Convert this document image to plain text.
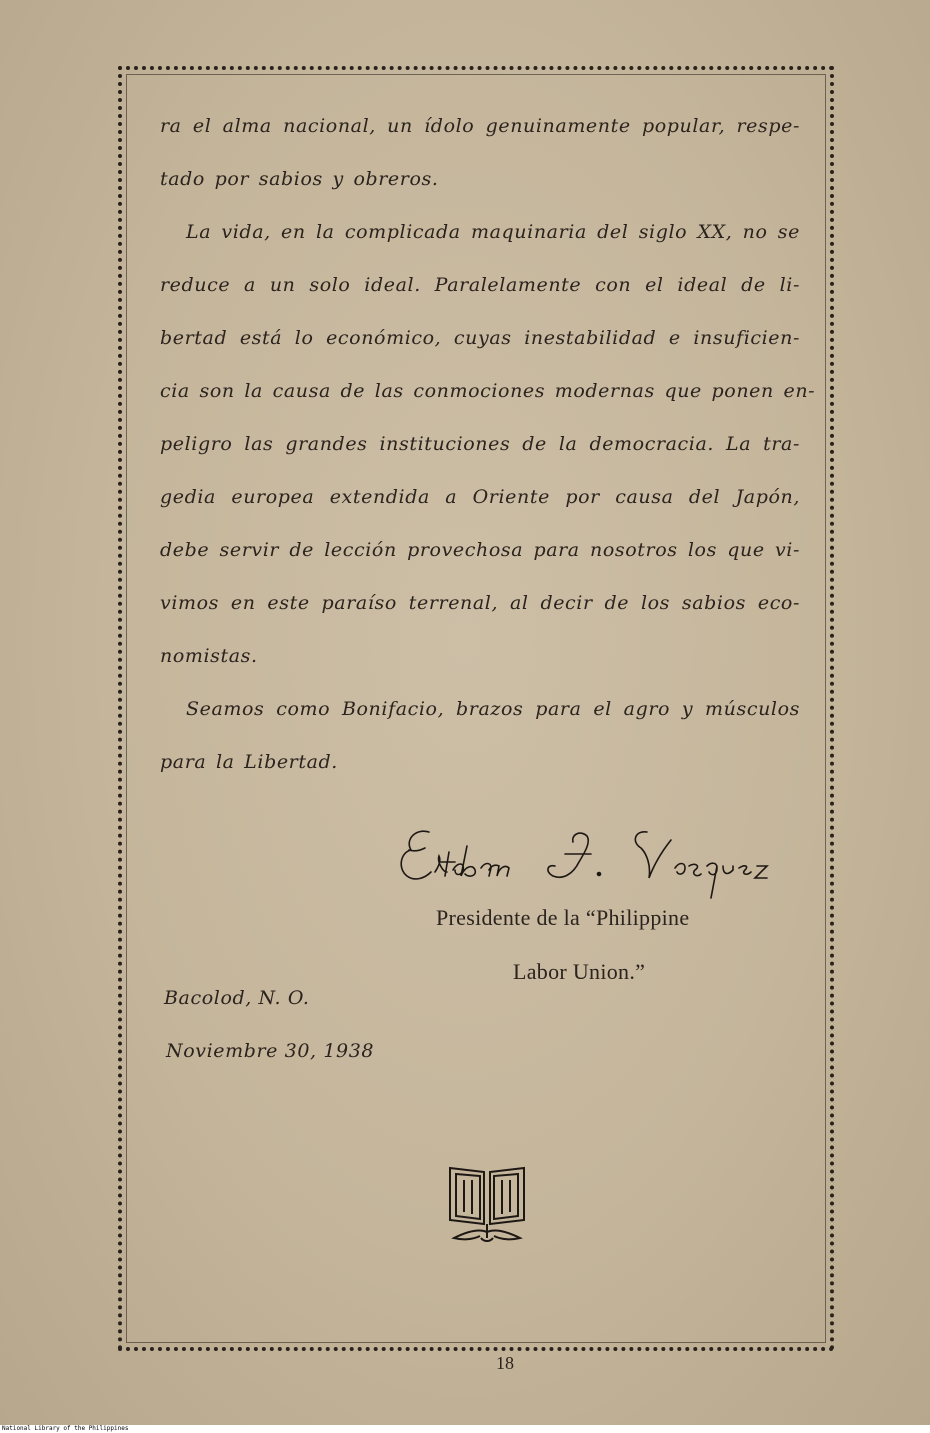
ra el alma nacional, un ídolo genuinamente popular, respe-
tado por sabios y obreros.
La vida, en la complicada maquinaria del siglo XX, no se
reduce a un solo ideal. Paralelamente con el ideal de li-
bertad está lo económico, cuyas inestabilidad e insuficien-
cia son la causa de las conmociones modernas que ponen en-
peligro las grandes instituciones de la democracia. La tra-
gedia europea extendida a Oriente por causa del Japón,
debe servir de lección provechosa para nosotros los que vi-
vimos en este paraíso terrenal, al decir de los sabios eco-
nomistas.
Seamos como Bonifacio, brazos para el agro y músculos
para la Libertad.
Presidente de la “Philippine
Labor Union.”
Bacolod, N. O.
Noviembre 30, 1938
18
National Library of the Philippines
